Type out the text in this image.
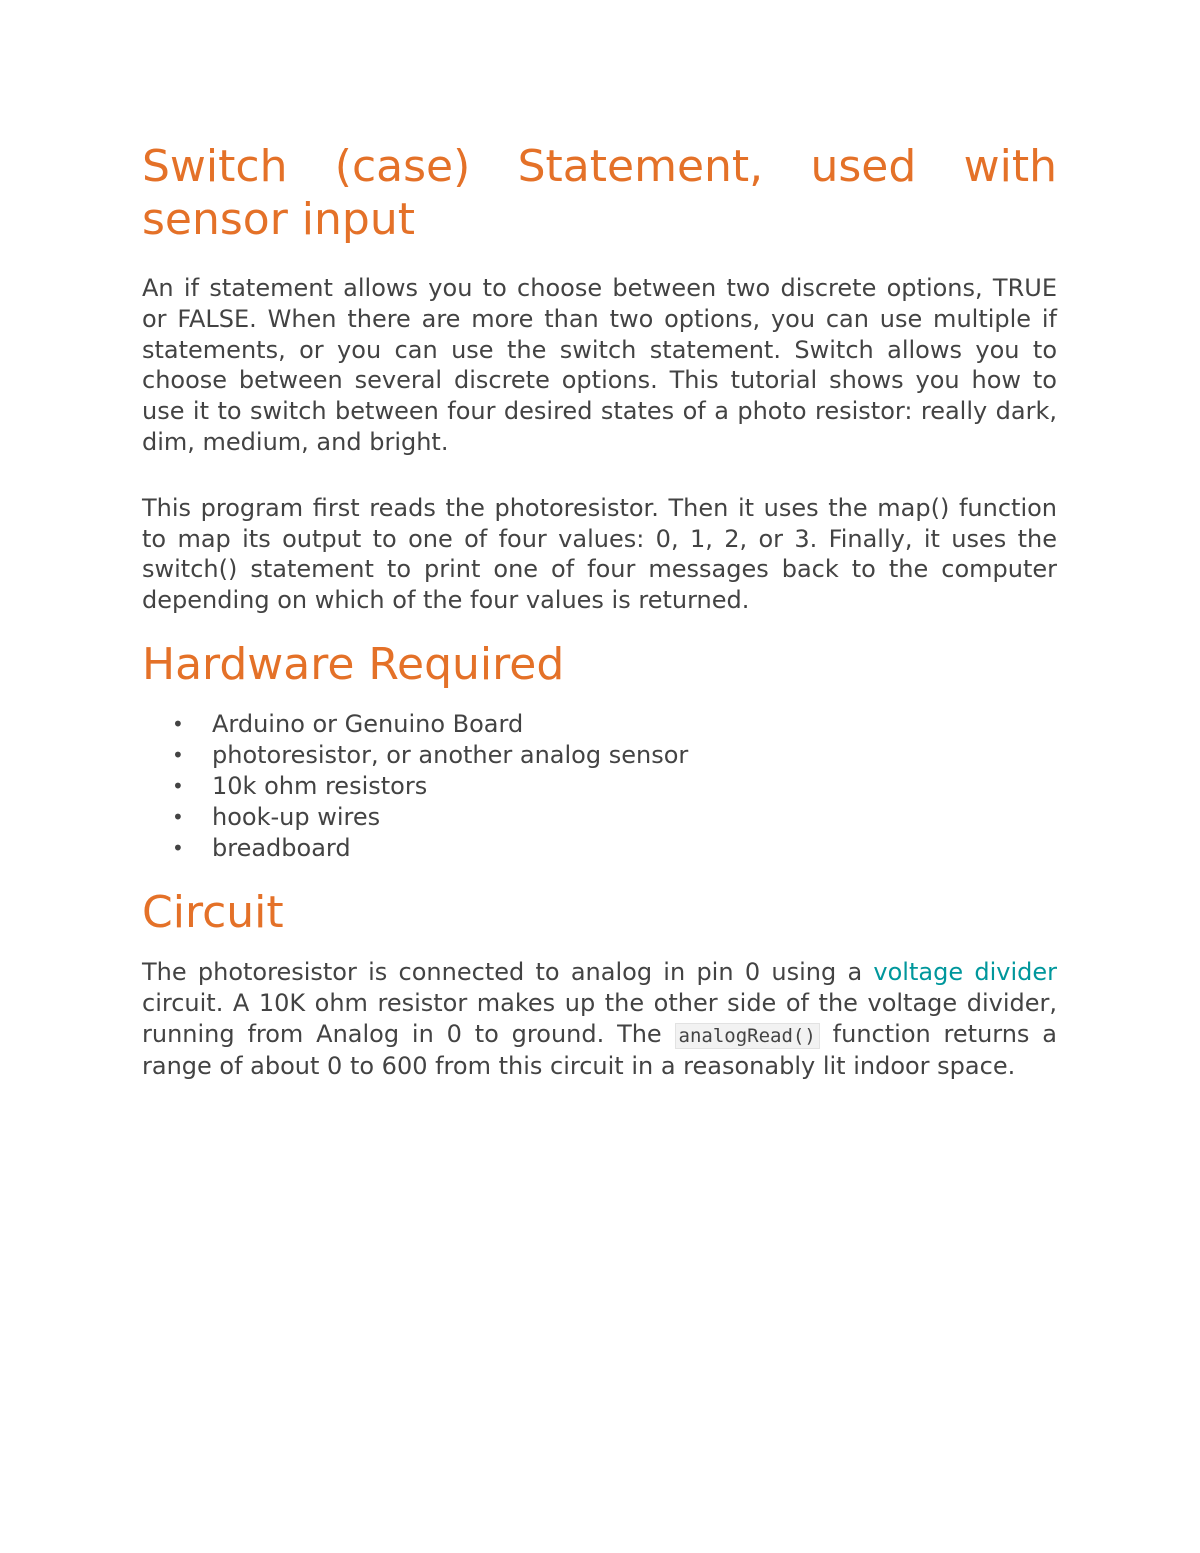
Switch (case) Statement, used with sensor input

An if statement allows you to choose between two discrete options, TRUE or FALSE. When there are more than two options, you can use multiple if statements, or you can use the switch statement. Switch allows you to choose between several discrete options. This tutorial shows you how to use it to switch between four desired states of a photo resistor: really dark, dim, medium, and bright.

This program first reads the photoresistor. Then it uses the map() function to map its output to one of four values: 0, 1, 2, or 3. Finally, it uses the switch() statement to print one of four messages back to the computer depending on which of the four values is returned.

Hardware Required
• Arduino or Genuino Board
• photoresistor, or another analog sensor
• 10k ohm resistors
• hook-up wires
• breadboard
Circuit

The photoresistor is connected to analog in pin 0 using a voltage divider circuit. A 10K ohm resistor makes up the other side of the voltage divider, running from Analog in 0 to ground. The analogRead() function returns a range of about 0 to 600 from this circuit in a reasonably lit indoor space.
